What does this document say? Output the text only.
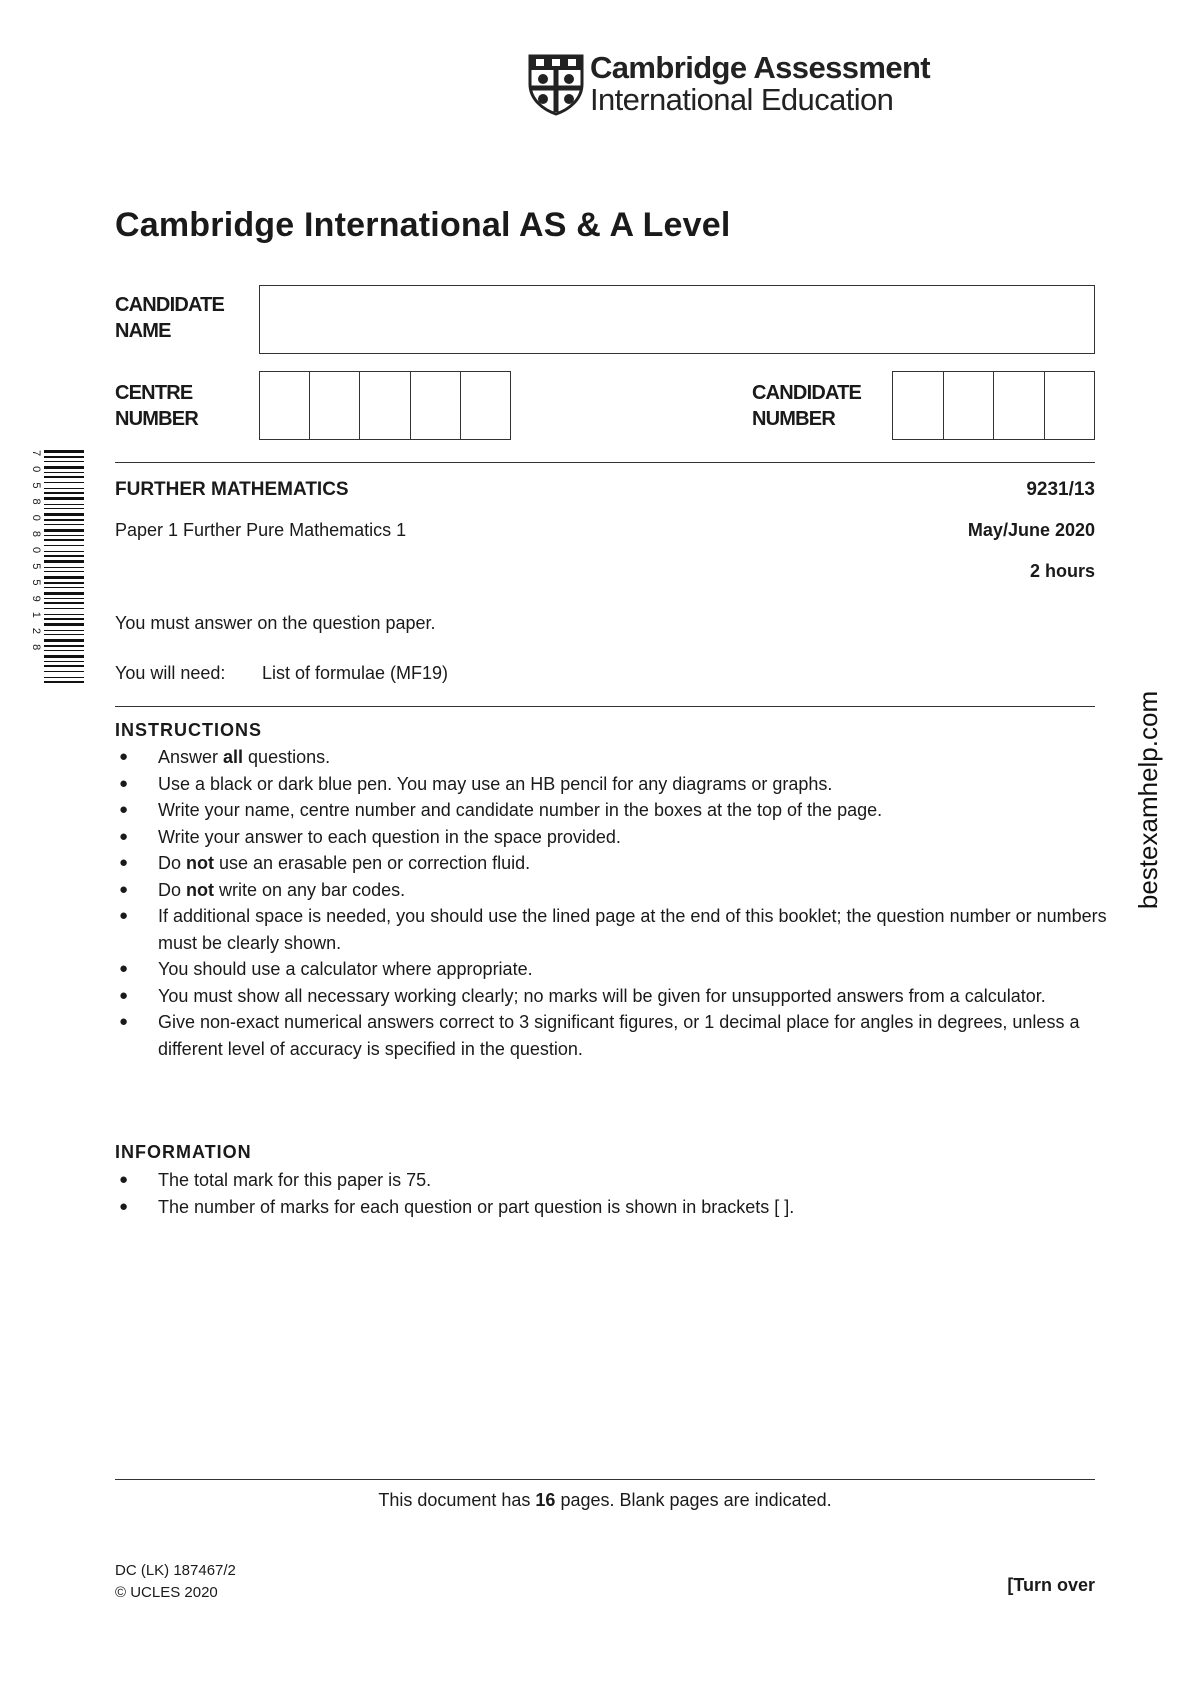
Cambridge Assessment
International Education
Cambridge International AS & A Level
CANDIDATE
NAME
CENTRE
NUMBER
CANDIDATE
NUMBER
7 0 5 8 0 8 0 5 5 9 1 2 8	FURTHER MATHEMATICS	9231/13
Paper 1 Further Pure Mathematics 1	May/June 2020
2 hours
You must answer on the question paper.
You will need: List of formulae (MF19)
INSTRUCTIONS
● Answer all questions.
● Use a black or dark blue pen. You may use an HB pencil for any diagrams or graphs.
● Write your name, centre number and candidate number in the boxes at the top of the page.
● Write your answer to each question in the space provided.
● Do not use an erasable pen or correction fluid.
● Do not write on any bar codes.
● If additional space is needed, you should use the lined page at the end of this booklet; the question number or numbers must be clearly shown.
● You should use a calculator where appropriate.
● You must show all necessary working clearly; no marks will be given for unsupported answers from a calculator.
● Give non-exact numerical answers correct to 3 significant figures, or 1 decimal place for angles in degrees, unless a different level of accuracy is specified in the question.
INFORMATION
● The total mark for this paper is 75.
● The number of marks for each question or part question is shown in brackets [ ].
This document has 16 pages. Blank pages are indicated.
DC (LK) 187467/2
© UCLES 2020	[Turn over
bestexamhelp.com
